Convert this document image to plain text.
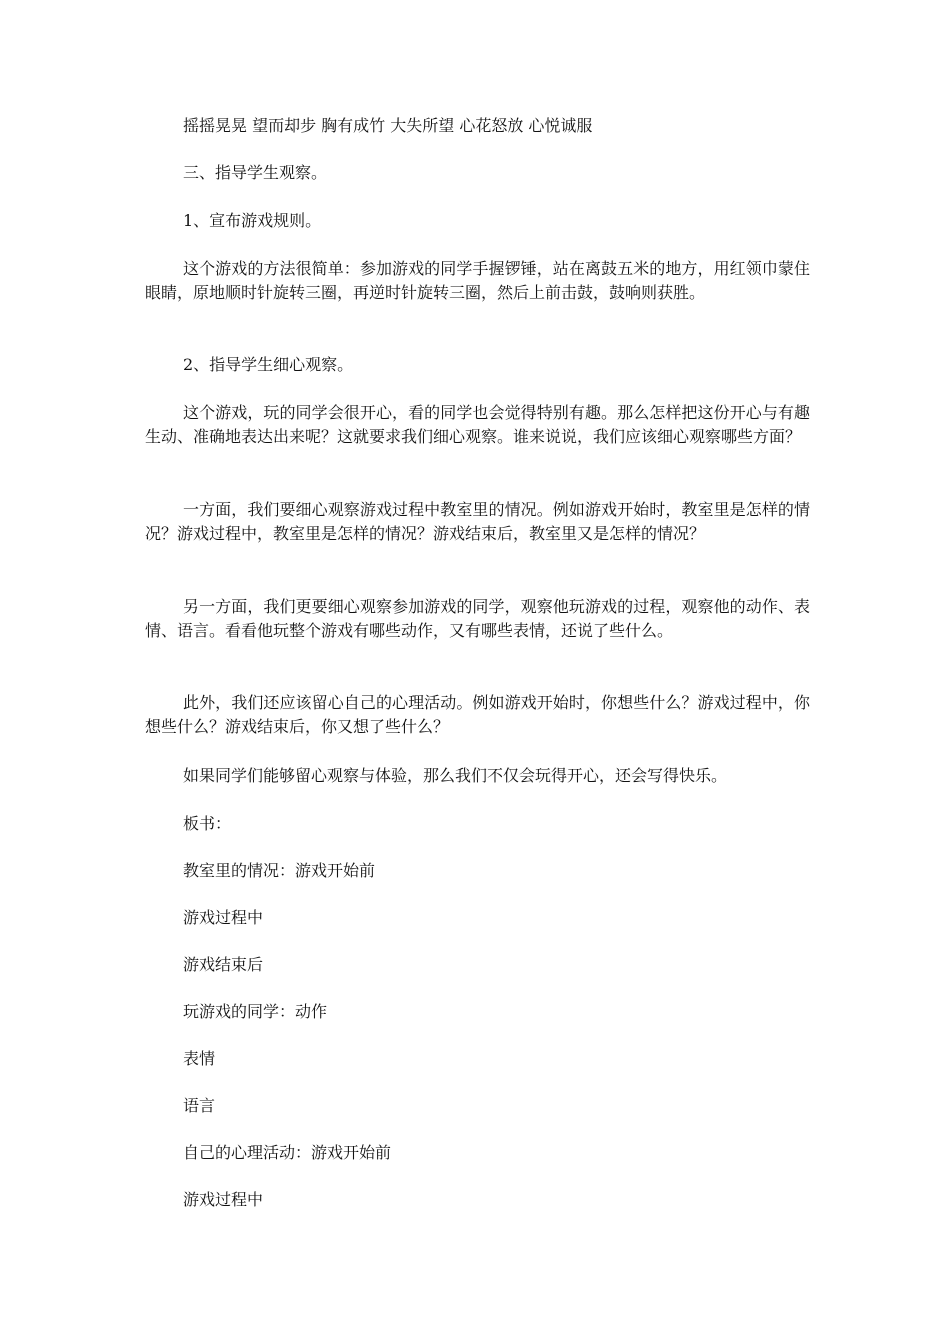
摇摇晃晃 望而却步 胸有成竹 大失所望 心花怒放 心悦诚服

三、指导学生观察。

1、宣布游戏规则。

这个游戏的方法很简单：参加游戏的同学手握锣锤，站在离鼓五米的地方，用红领巾蒙住眼睛，原地顺时针旋转三圈，再逆时针旋转三圈，然后上前击鼓，鼓响则获胜。

2、指导学生细心观察。

这个游戏，玩的同学会很开心，看的同学也会觉得特别有趣。那么怎样把这份开心与有趣生动、准确地表达出来呢？这就要求我们细心观察。谁来说说，我们应该细心观察哪些方面？

一方面，我们要细心观察游戏过程中教室里的情况。例如游戏开始时，教室里是怎样的情况？游戏过程中，教室里是怎样的情况？游戏结束后，教室里又是怎样的情况？

另一方面，我们更要细心观察参加游戏的同学，观察他玩游戏的过程，观察他的动作、表情、语言。看看他玩整个游戏有哪些动作，又有哪些表情，还说了些什么。

此外，我们还应该留心自己的心理活动。例如游戏开始时，你想些什么？游戏过程中，你想些什么？游戏结束后，你又想了些什么？

如果同学们能够留心观察与体验，那么我们不仅会玩得开心，还会写得快乐。

板书：

教室里的情况：游戏开始前

游戏过程中

游戏结束后

玩游戏的同学：动作

表情

语言

自己的心理活动：游戏开始前

游戏过程中
